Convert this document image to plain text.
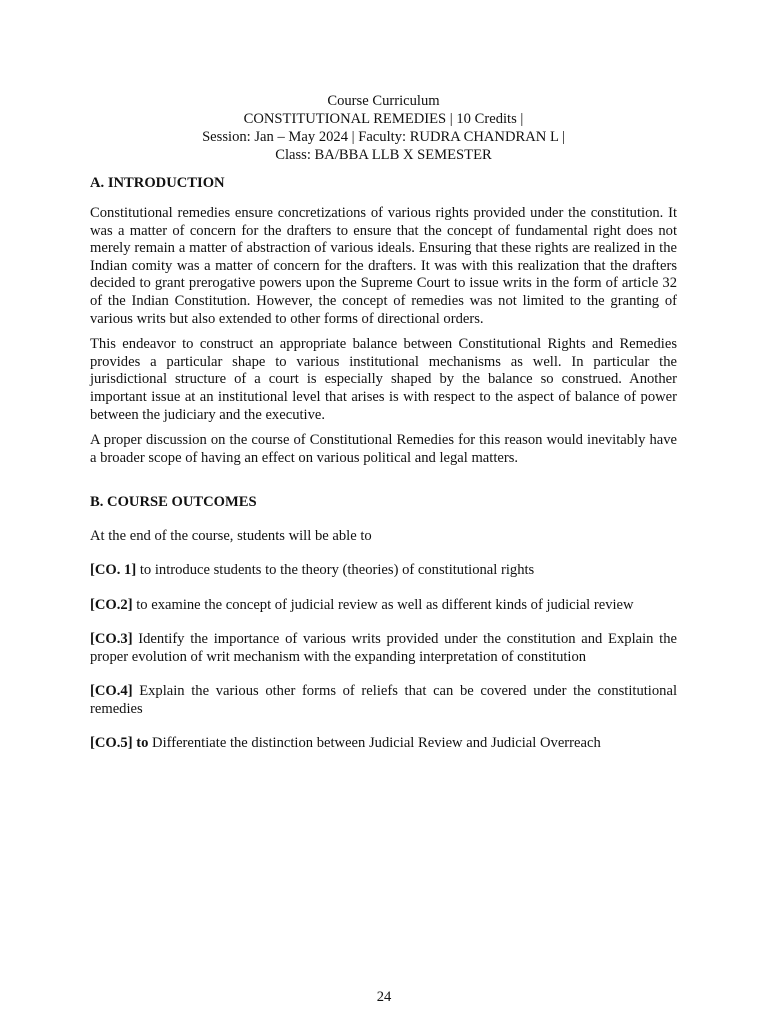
Course Curriculum
CONSTITUTIONAL REMEDIES | 10 Credits |
Session: Jan – May 2024 | Faculty: RUDRA CHANDRAN L |
Class: BA/BBA LLB X SEMESTER
A. INTRODUCTION

Constitutional remedies ensure concretizations of various rights provided under the constitution. It was a matter of concern for the drafters to ensure that the concept of fundamental right does not merely remain a matter of abstraction of various ideals. Ensuring that these rights are realized in the Indian comity was a matter of concern for the drafters. It was with this realization that the drafters decided to grant prerogative powers upon the Supreme Court to issue writs in the form of article 32 of the Indian Constitution. However, the concept of remedies was not limited to the granting of various writs but also extended to other forms of directional orders.

This endeavor to construct an appropriate balance between Constitutional Rights and Remedies provides a particular shape to various institutional mechanisms as well. In particular the jurisdictional structure of a court is especially shaped by the balance so construed. Another important issue at an institutional level that arises is with respect to the aspect of balance of power between the judiciary and the executive.

A proper discussion on the course of Constitutional Remedies for this reason would inevitably have a broader scope of having an effect on various political and legal matters.

B. COURSE OUTCOMES

At the end of the course, students will be able to

[CO. 1] to introduce students to the theory (theories) of constitutional rights

[CO.2] to examine the concept of judicial review as well as different kinds of judicial review

[CO.3] Identify the importance of various writs provided under the constitution and Explain the proper evolution of writ mechanism with the expanding interpretation of constitution

[CO.4] Explain the various other forms of reliefs that can be covered under the constitutional remedies

[CO.5] to Differentiate the distinction between Judicial Review and Judicial Overreach

24
